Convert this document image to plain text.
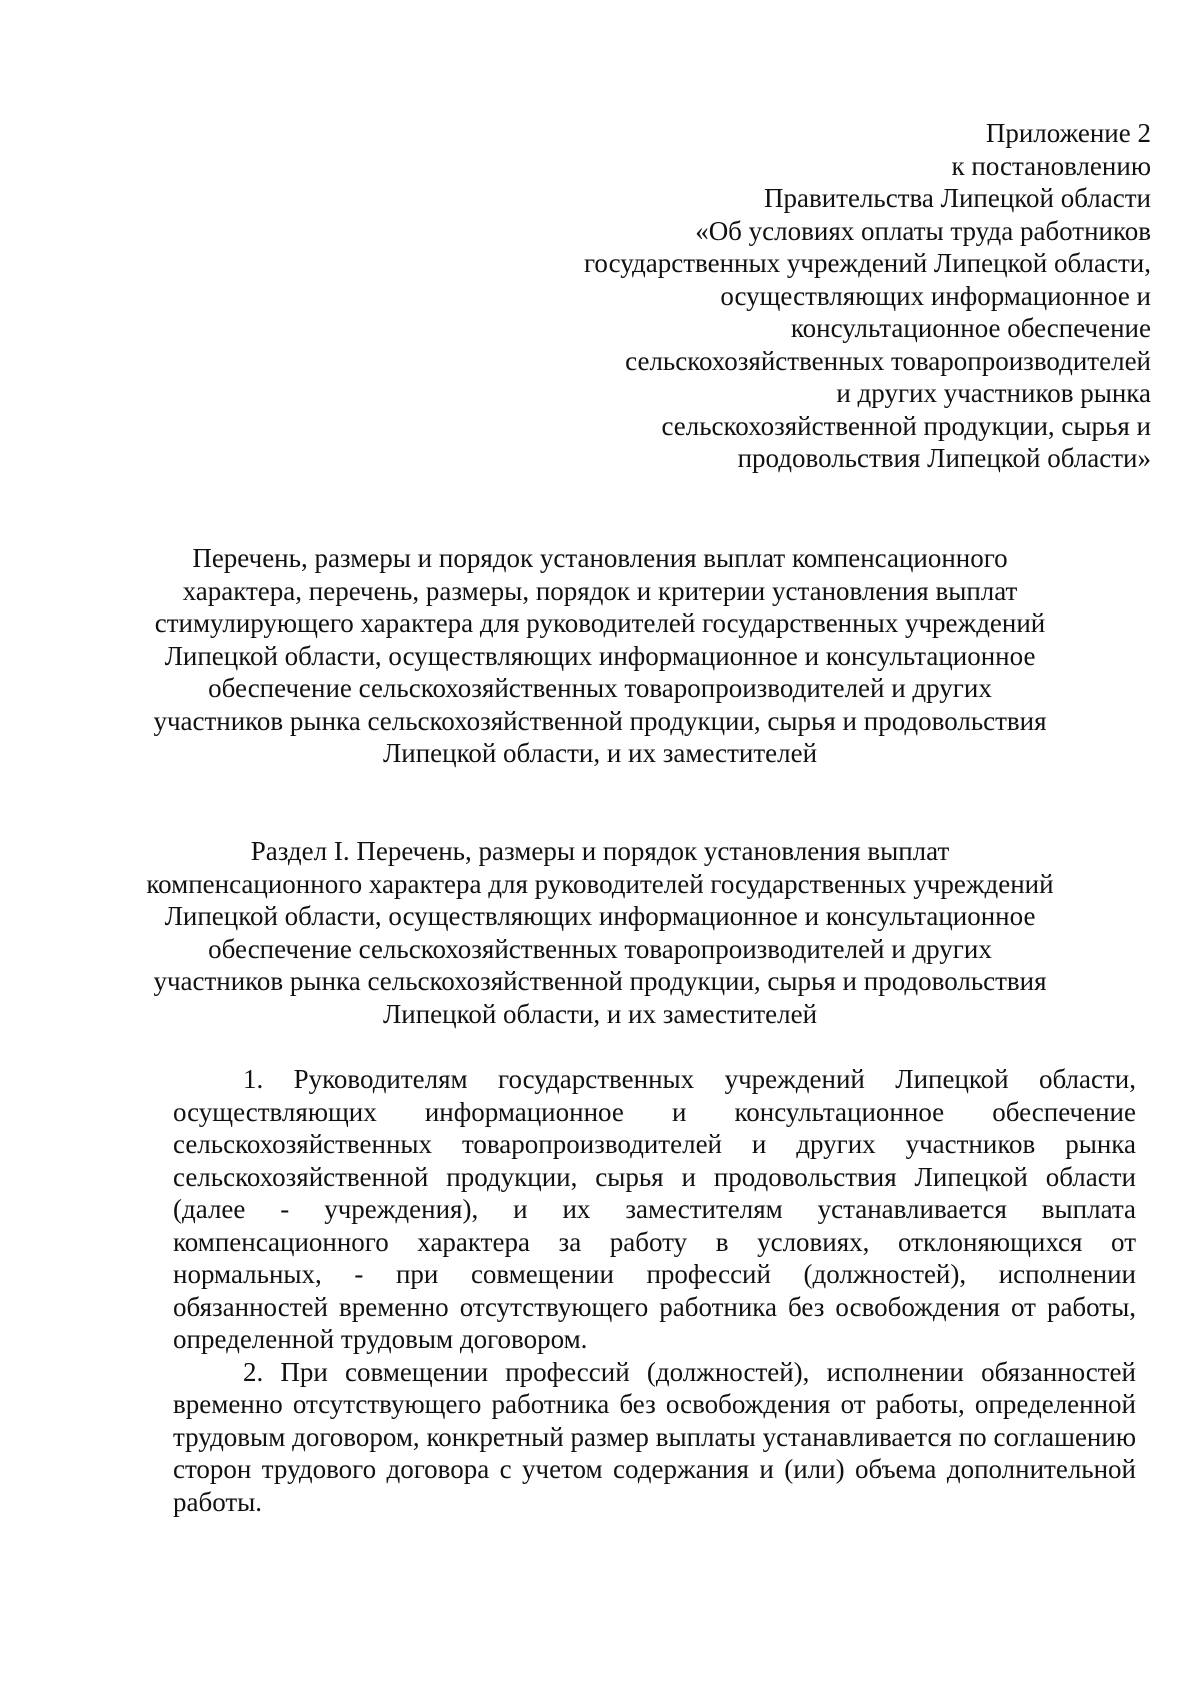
Приложение 2
к постановлению
Правительства Липецкой области
«Об условиях оплаты труда работников
государственных учреждений Липецкой области,
осуществляющих информационное и
консультационное обеспечение
сельскохозяйственных товаропроизводителей
и других участников рынка
сельскохозяйственной продукции, сырья и
продовольствия Липецкой области»
Перечень, размеры и порядок установления выплат компенсационного
характера, перечень, размеры, порядок и критерии установления выплат
стимулирующего характера для руководителей государственных учреждений
Липецкой области, осуществляющих информационное и консультационное
обеспечение сельскохозяйственных товаропроизводителей и других
участников рынка сельскохозяйственной продукции, сырья и продовольствия
Липецкой области, и их заместителей
Раздел I. Перечень, размеры и порядок установления выплат
компенсационного характера для руководителей государственных учреждений
Липецкой области, осуществляющих информационное и консультационное
обеспечение сельскохозяйственных товаропроизводителей и других
участников рынка сельскохозяйственной продукции, сырья и продовольствия
Липецкой области, и их заместителей

1. Руководителям государственных учреждений Липецкой области, осуществляющих информационное и консультационное обеспечение сельскохозяйственных товаропроизводителей и других участников рынка сельскохозяйственной продукции, сырья и продовольствия Липецкой области (далее - учреждения), и их заместителям устанавливается выплата компенсационного характера за работу в условиях, отклоняющихся от нормальных, - при совмещении профессий (должностей), исполнении обязанностей временно отсутствующего работника без освобождения от работы, определенной трудовым договором.

2. При совмещении профессий (должностей), исполнении обязанностей временно отсутствующего работника без освобождения от работы, определенной трудовым договором, конкретный размер выплаты устанавливается по соглашению сторон трудового договора с учетом содержания и (или) объема дополнительной работы.
